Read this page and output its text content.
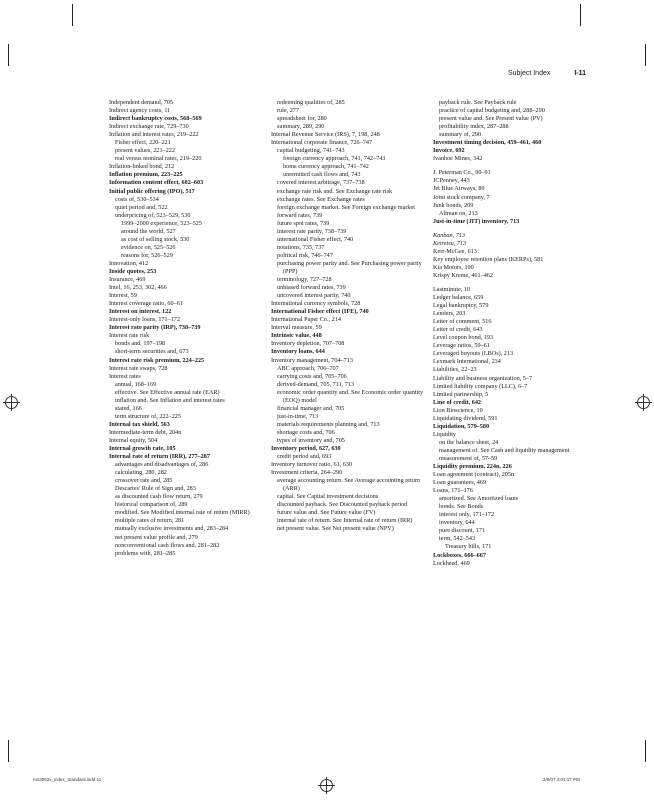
Subject Index	I-11
Independent demand, 705
Indirect agency costs, 11
Indirect bankruptcy costs, 568–569
Indirect exchange rate, 729–730
Inflation and interest rates, 219–222
Fisher effect, 220–221
present values, 221–222
real versus nominal rates, 219–220
Inflation-linked bond, 212
Inflation premium, 223–225
Information content effect, 602–603
Initial public offering (IPO), 517
costs of, 530–534
quiet period and, 522
underpricing of, 523–529, 530
1999–2000 experience, 523–525
around the world, 527
as cost of selling stock, 530
evidence on, 525–526
reasons for, 526–529
Innovation, 412
Inside quotes, 253
Insurance, 469
Intel, 16, 253, 302, 466
Interest, 59
Interest coverage ratio, 60–61
Interest on interest, 122
Interest-only loans, 171–172
Interest rate parity (IRP), 738–739
Interest rate risk
bonds and, 197–198
short-term securities and, 673
Interest rate risk premium, 224–225
Interest rate swaps, 728
Interest rates
annual, 168–169
effective. See Effective annual rate (EAR)
inflation and. See Inflation and interest rates
stated, 166
term structure of, 222–225
Internal tax shield, 563
Intermediate-term debt, 204n
Internal equity, 504
Internal growth rate, 105
Internal rate of return (IRR), 277–287
advantages and disadvantages of, 286
calculating, 280, 282
crossover rate and, 285
Descartes' Rule of Sign and, 283
as discounted cash flow return, 279
historical comparison of, 289
modified. See Modified internal rate of return (MIRR)
multiple rates of return, 281
mutually exclusive investments and, 283–284
net present value profile and, 279
nonconventional cash flows and, 281–282
problems with, 281–285
redeeming qualities of, 285
rule, 277
spreadsheet for, 280
summary, 289, 290
Internal Revenue Service (IRS), 7, 198, 248
International corporate finance, 726–747
capital budgeting, 741–743
foreign currency approach, 741, 742–743
home currency approach, 741–742
unremitted cash flows and, 743
covered interest arbitrage, 737–738
exchange rate risk and. See Exchange rate risk
exchange rates. See Exchange rates
foreign exchange market. See Foreign exchange market
forward rates, 739
future spot rates, 739
interest rate parity, 738–739
international Fisher effect, 740
notations, 735, 737
political risk, 746–747
purchasing power parity and. See Purchasing power parity (PPP)
terminology, 727–728
unbiased forward rates, 739
uncovered interest parity, 740
International currency symbols, 728
International Fisher effect (IFE), 740
International Paper Co., 214
Interval measure, 59
Intrinsic value, 448
Inventory depletion, 707–708
Inventory loans, 644
Inventory management, 704–713
ABC approach, 706–707
carrying costs and, 705–706
derived-demand, 705, 711, 713
economic order quantity and. See Economic order quantity (EOQ) model
financial manager and, 705
just-in-time, 713
materials requirements planning and, 713
shortage costs and, 706
types of inventory and, 705
Inventory period, 627, 630
credit period and, 693
Inventory turnover ratio, 61, 630
Investment criteria, 264–290
average accounting return. See Average accounting return (ARR)
capital. See Capital investment decisions
discounted payback. See Discounted payback period
future value and. See Future value (FV)
internal rate of return. See Internal rate of return (IRR)
net present value. See Net present value (NPV)
payback rule. See Payback rule
practice of capital budgeting and, 288–290
present value and. See Present value (PV)
profitability index, 287–288
summary of, 290
Investment timing decision, 459–461, 460
Invoice, 692
Ivanhoe Mines, 342
J. Peterman Co., 90–91
JCPenney, 443
Jet Blue Airways, 89
Joint stock company, 7
Junk bonds, 209
Altman on, 213
Just-in-time (JIT) inventory, 713
Kanban, 713
Keiretsu, 713
Kerr-McGee, 613
Key employee retention plans (KERPs), 581
Kia Motors, 100
Krispy Kreme, 461–462
Lastminute, 10
Ledger balance, 659
Legal bankruptcy, 579
Lenders, 203
Letter of comment, 516
Letter of credit, 643
Level coupon bond, 193
Leverage ratios, 59–61
Leveraged buyouts (LBOs), 213
Lexmark International, 234
Liabilities, 22–23
Liability and business organization, 5–7
Limited liability company (LLC), 6–7
Limited partnership, 5
Line of credit, 642
Lion Bioscience, 10
Liquidating dividend, 591
Liquidation, 579–580
Liquidity
on the balance sheet, 24
management of. See Cash and liquidity management
measurement of, 57–59
Liquidity premium, 224n, 226
Loan agreement (contract), 205n
Loan guarantees, 469
Loans, 171–176
amortized. See Amortized loans
bonds. See Bonds
interest only, 171–172
inventory, 644
pure discount, 171
term, 542–543
Treasury bills, 171
Lockboxes, 666–667
Lockheed, 469
ros3062x_index_Standard.indd 11	2/9/07 4:01:17 PM
